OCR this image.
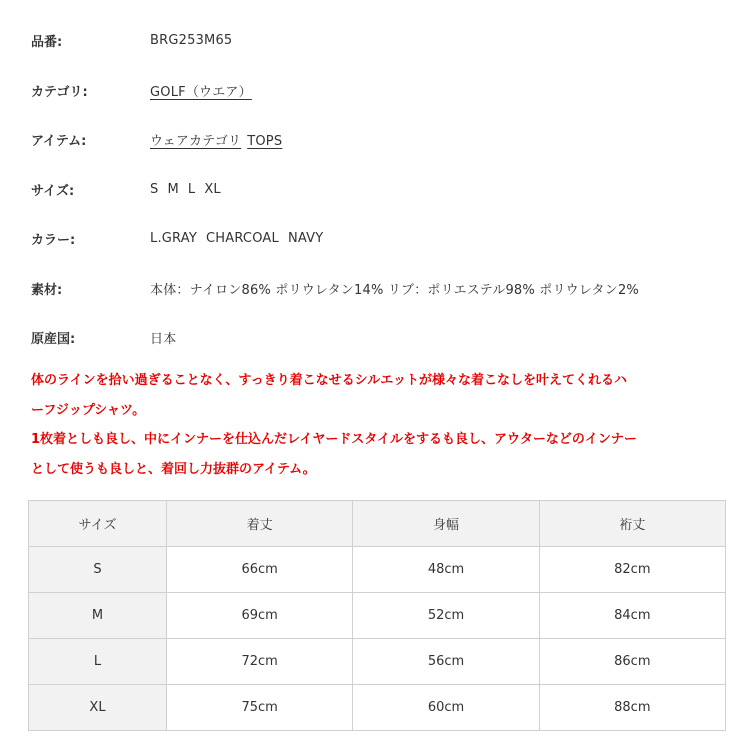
品番:	BRG253M65
カテゴリ:	GOLF（ウエア）
アイテム:	ウェアカテゴリ TOPS
サイズ:	S M L XL
カラー:	L.GRAY CHARCOAL NAVY
素材:	本体：ナイロン86% ポリウレタン14% リブ：ポリエステル98% ポリウレタン2%
原産国:	日本

体のラインを拾い過ぎることなく、すっきり着こなせるシルエットが様々な着こなしを叶えてくれるハ

ーフジップシャツ。

1枚着としも良し、中にインナーを仕込んだレイヤードスタイルをするも良し、アウターなどのインナー

として使うも良しと、着回し力抜群のアイテム。

サイズ	着丈	身幅	裄丈
S	66cm	48cm	82cm
M	69cm	52cm	84cm
L	72cm	56cm	86cm
XL	75cm	60cm	88cm
